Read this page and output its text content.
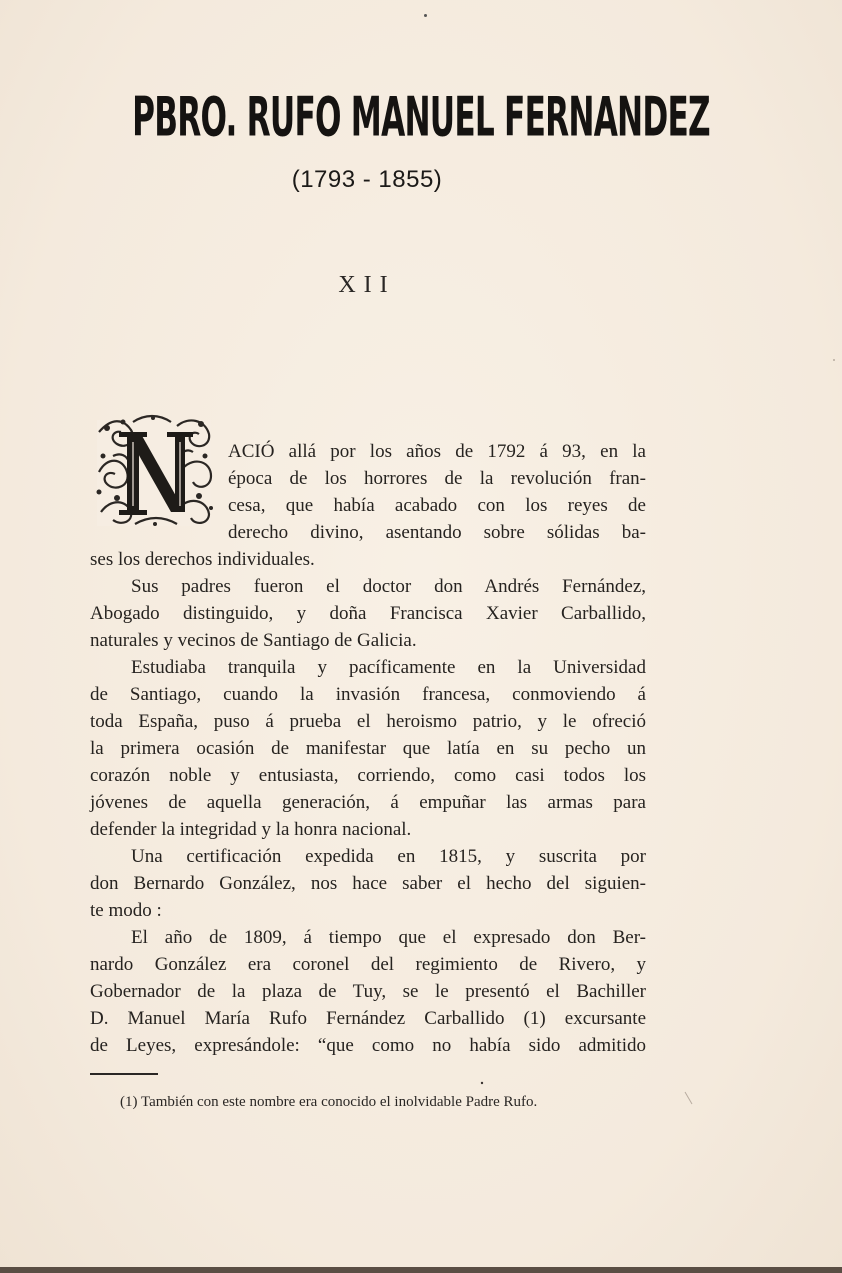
PBRO. RUFO MANUEL FERNANDEZ
(1793 - 1855)
XII
ACIÓ allá por los años de 1792 á 93, en la
época de los horrores de la revolución fran-
cesa, que había acabado con los reyes de
derecho divino, asentando sobre sólidas ba-
ses los derechos individuales.
Sus padres fueron el doctor don Andrés Fernández,
Abogado distinguido, y doña Francisca Xavier Carballido,
naturales y vecinos de Santiago de Galicia.
Estudiaba tranquila y pacíficamente en la Universidad
de Santiago, cuando la invasión francesa, conmoviendo á
toda España, puso á prueba el heroismo patrio, y le ofreció
la primera ocasión de manifestar que latía en su pecho un
corazón noble y entusiasta, corriendo, como casi todos los
jóvenes de aquella generación, á empuñar las armas para
defender la integridad y la honra nacional.
Una certificación expedida en 1815, y suscrita por
don Bernardo González, nos hace saber el hecho del siguien-
te modo :
El año de 1809, á tiempo que el expresado don Ber-
nardo González era coronel del regimiento de Rivero, y
Gobernador de la plaza de Tuy, se le presentó el Bachiller
D. Manuel María Rufo Fernández Carballido (1) excursante
de Leyes, expresándole: “que como no había sido admitido
(1) También con este nombre era conocido el inolvidable Padre Rufo.
